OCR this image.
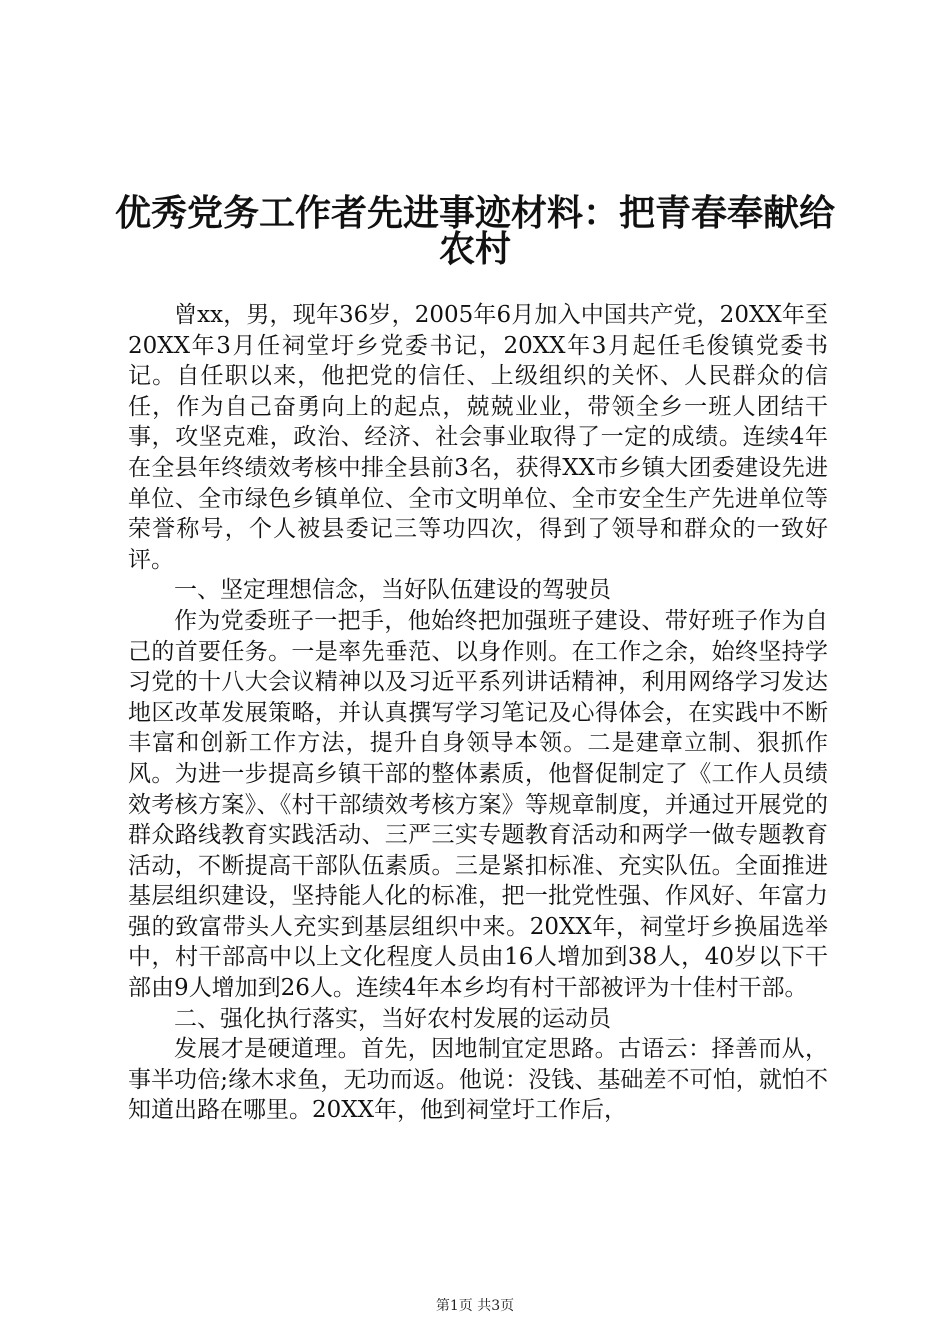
优秀党务工作者先进事迹材料：把青春奉献给
农村

曾xx，男，现年36岁，2005年6月加入中国共产党，20XX年至20XX年3月任祠堂圩乡党委书记，20XX年3月起任毛俊镇党委书记。自任职以来，他把党的信任、上级组织的关怀、人民群众的信任，作为自己奋勇向上的起点，兢兢业业，带领全乡一班人团结干事，攻坚克难，政治、经济、社会事业取得了一定的成绩。连续4年在全县年终绩效考核中排全县前3名，获得XX市乡镇大团委建设先进单位、全市绿色乡镇单位、全市文明单位、全市安全生产先进单位等荣誉称号，个人被县委记三等功四次，得到了领导和群众的一致好评。

一、坚定理想信念，当好队伍建设的驾驶员

作为党委班子一把手，他始终把加强班子建设、带好班子作为自己的首要任务。一是率先垂范、以身作则。在工作之余，始终坚持学习党的十八大会议精神以及习近平系列讲话精神，利用网络学习发达地区改革发展策略，并认真撰写学习笔记及心得体会，在实践中不断丰富和创新工作方法，提升自身领导本领。二是建章立制、狠抓作风。为进一步提高乡镇干部的整体素质，他督促制定了《工作人员绩效考核方案》、《村干部绩效考核方案》等规章制度，并通过开展党的群众路线教育实践活动、三严三实专题教育活动和两学一做专题教育活动，不断提高干部队伍素质。三是紧扣标准、充实队伍。全面推进基层组织建设，坚持能人化的标准，把一批党性强、作风好、年富力强的致富带头人充实到基层组织中来。20XX年，祠堂圩乡换届选举中，村干部高中以上文化程度人员由16人增加到38人，40岁以下干部由9人增加到26人。连续4年本乡均有村干部被评为十佳村干部。

二、强化执行落实，当好农村发展的运动员

发展才是硬道理。首先，因地制宜定思路。古语云：择善而从，事半功倍;缘木求鱼，无功而返。他说：没钱、基础差不可怕，就怕不知道出路在哪里。20XX年，他到祠堂圩工作后，

第1页 共3页
